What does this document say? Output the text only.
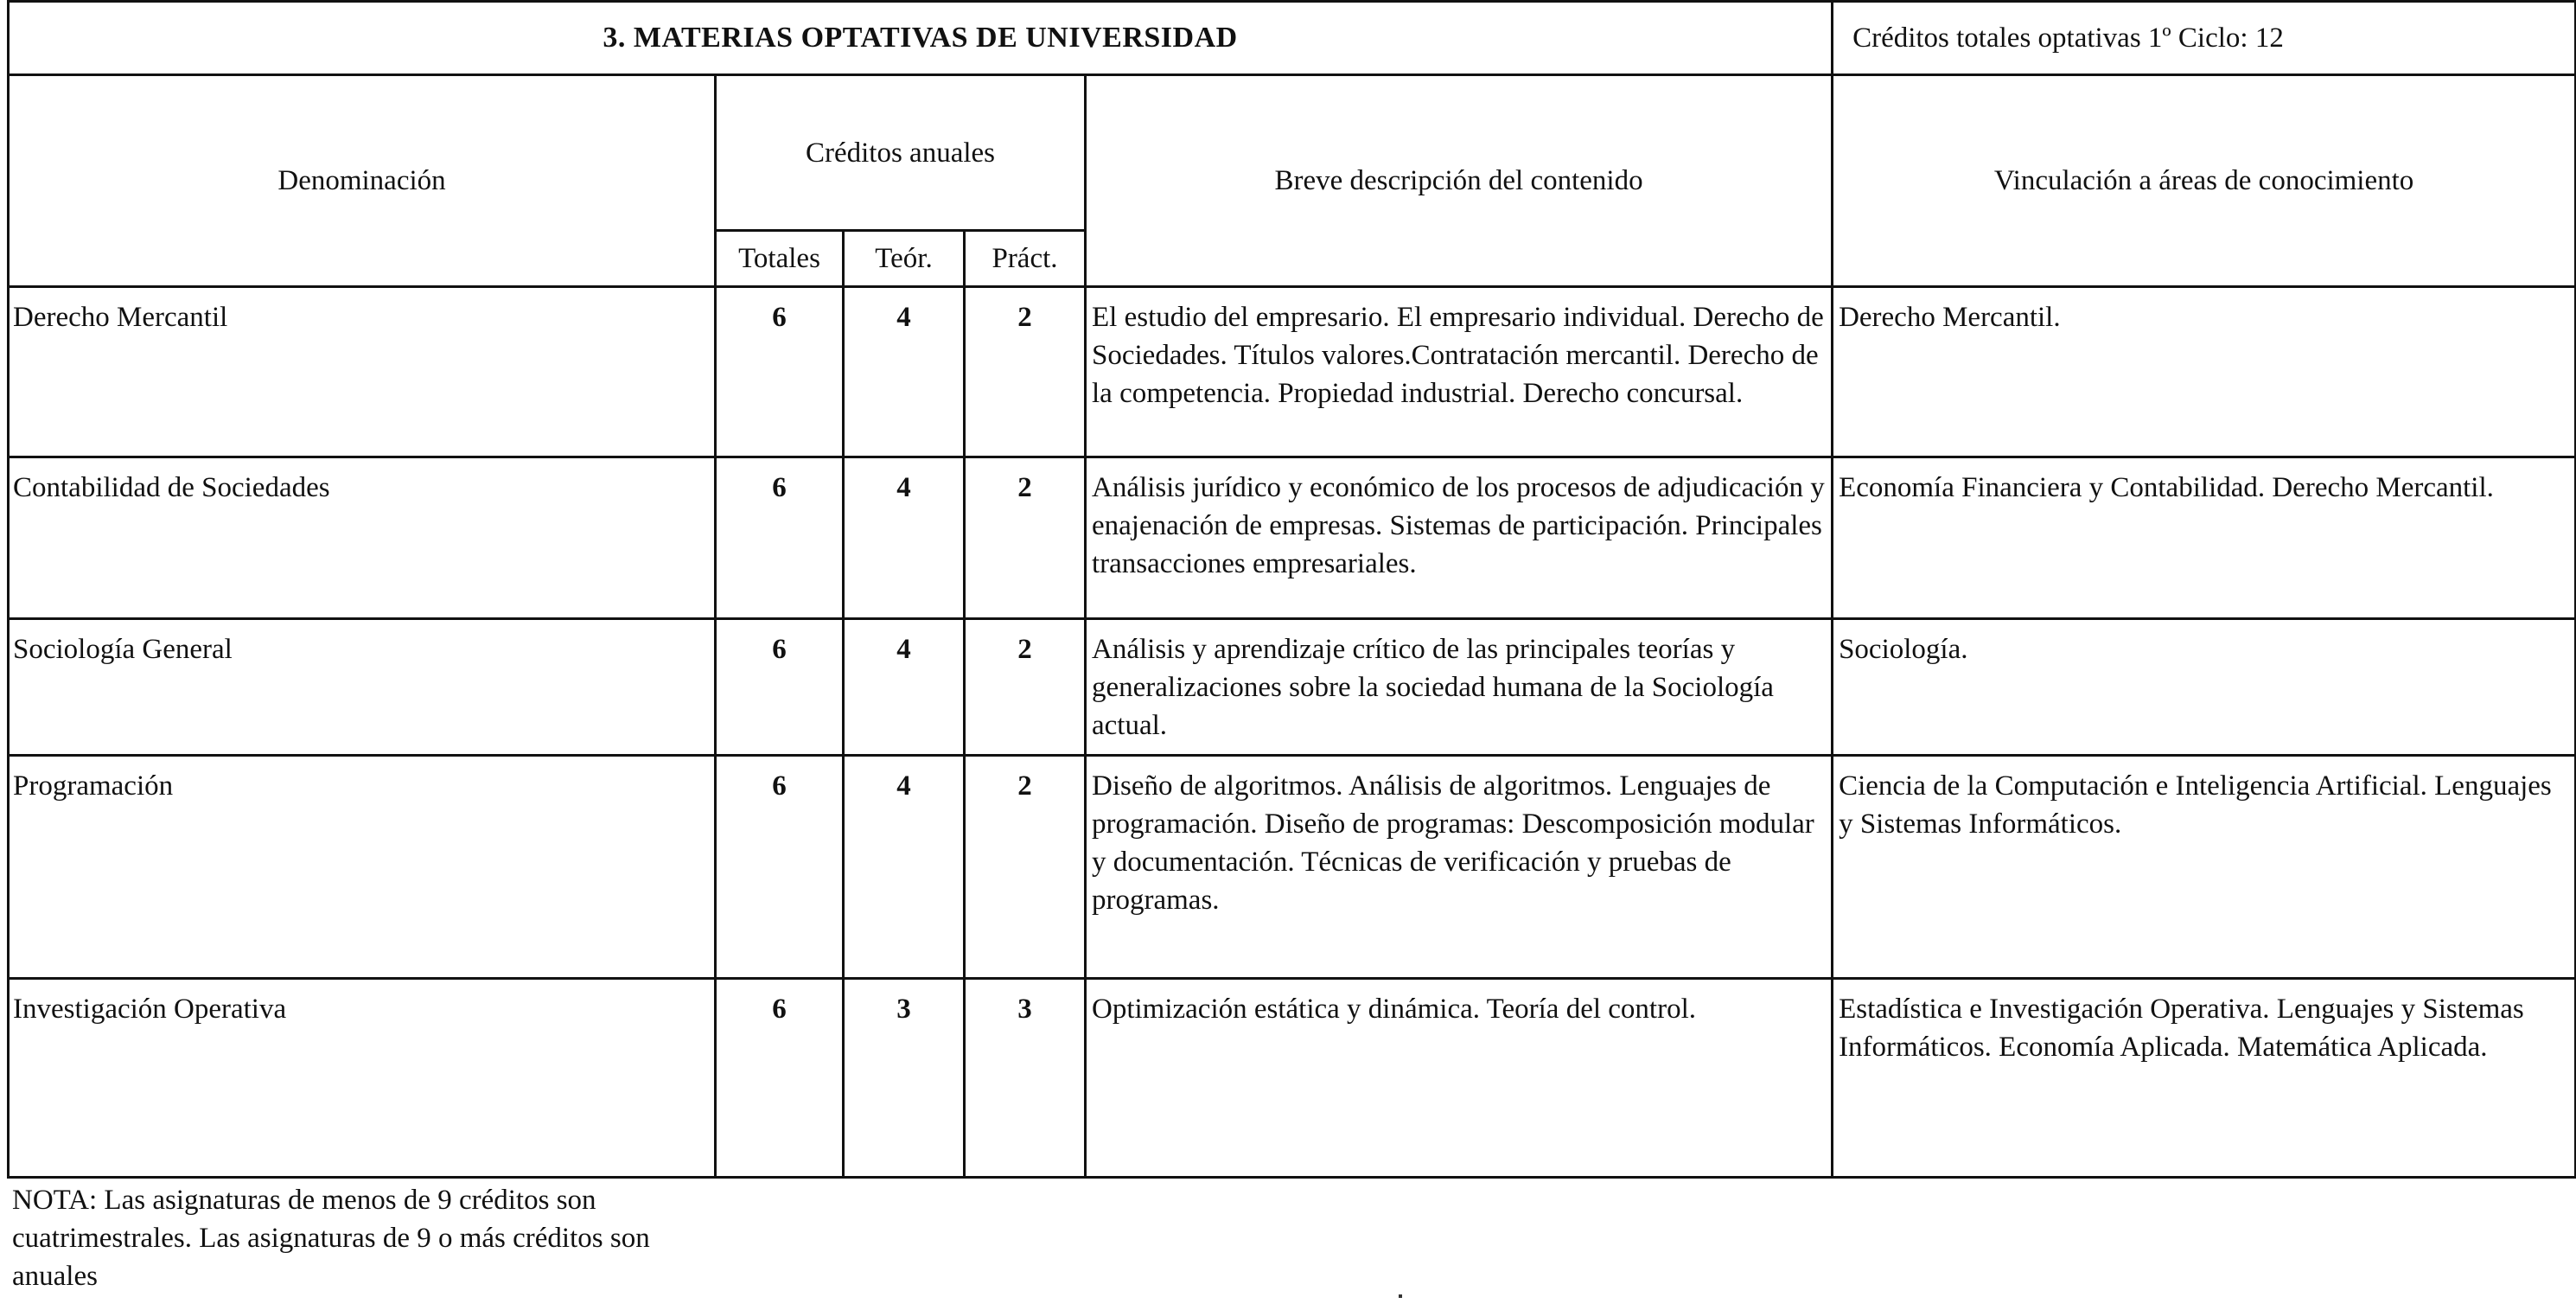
3. MATERIAS OPTATIVAS DE UNIVERSIDAD					Créditos totales optativas 1º Ciclo: 12
Denominación	Créditos anuales			Breve descripción del contenido	Vinculación a áreas de conocimiento
	Totales	Teór.	Práct.		
Derecho Mercantil	6	4	2	El estudio del empresario. El empresario individual. Derecho de Sociedades. Títulos valores.Contratación mercantil. Derecho de la competencia. Propiedad industrial. Derecho concursal.	Derecho Mercantil.
Contabilidad de Sociedades	6	4	2	Análisis jurídico y económico de los procesos de adjudicación y enajenación de empresas. Sistemas de participación. Principales transacciones empresariales.	Economía Financiera y Contabilidad. Derecho Mercantil.
Sociología General	6	4	2	Análisis y aprendizaje crítico de las principales teorías y generalizaciones sobre la sociedad humana de la Sociología actual.	Sociología.
Programación	6	4	2	Diseño de algoritmos. Análisis de algoritmos. Lenguajes de programación. Diseño de programas: Descomposición modular y documentación. Técnicas de verificación y pruebas de programas.	Ciencia de la Computación e Inteligencia Artificial. Lenguajes y Sistemas Informáticos.
Investigación Operativa	6	3	3	Optimización estática y dinámica. Teoría del control.	Estadística e Investigación Operativa. Lenguajes y Sistemas Informáticos. Economía Aplicada. Matemática Aplicada.
NOTA: Las asignaturas de menos de 9 créditos son cuatrimestrales. Las asignaturas de 9 o más créditos son anuales
